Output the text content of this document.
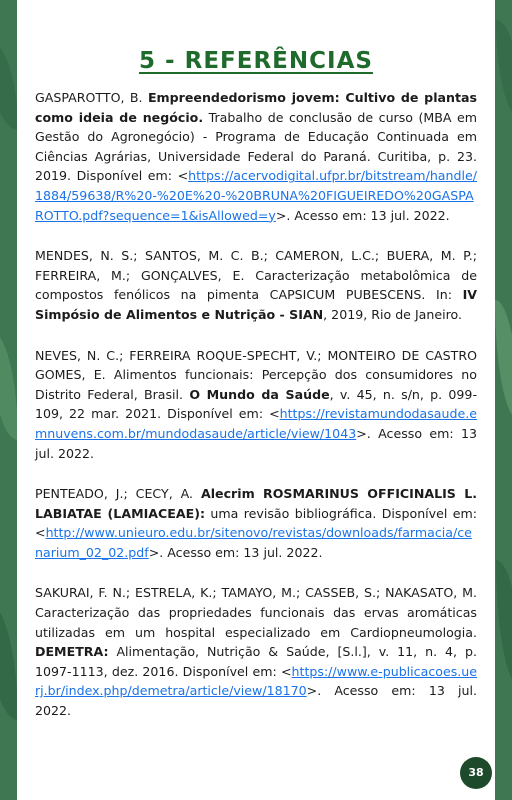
5 - REFERÊNCIAS

GASPAROTTO, B. Empreendedorismo jovem: Cultivo de plantas como ideia de negócio. Trabalho de conclusão de curso (MBA em Gestão do Agronegócio) - Programa de Educação Continuada em Ciências Agrárias, Universidade Federal do Paraná. Curitiba, p. 23. 2019. Disponível em: <https://acervodigital.ufpr.br/bitstream/handle/1884/59638/R%20-%20E%20-%20BRUNA%20FIGUEIREDO%20GASPAROTTO.pdf?sequence=1&isAllowed=y>. Acesso em: 13 jul. 2022.

MENDES, N. S.; SANTOS, M. C. B.; CAMERON, L.C.; BUERA, M. P.; FERREIRA, M.; GONÇALVES, E. Caracterização metabolômica de compostos fenólicos na pimenta CAPSICUM PUBESCENS. In: IV Simpósio de Alimentos e Nutrição - SIAN, 2019, Rio de Janeiro.

NEVES, N. C.; FERREIRA ROQUE-SPECHT, V.; MONTEIRO DE CASTRO GOMES, E. Alimentos funcionais: Percepção dos consumidores no Distrito Federal, Brasil. O Mundo da Saúde, v. 45, n. s/n, p. 099-109, 22 mar. 2021. Disponível em: <https://revistamundodasaude.emnuvens.com.br/mundodasaude/article/view/1043>. Acesso em: 13 jul. 2022.

PENTEADO, J.; CECY, A. Alecrim ROSMARINUS OFFICINALIS L. LABIATAE (LAMIACEAE): uma revisão bibliográfica. Disponível em: <http://www.unieuro.edu.br/sitenovo/revistas/downloads/farmacia/cenarium_02_02.pdf>. Acesso em: 13 jul. 2022.

SAKURAI, F. N.; ESTRELA, K.; TAMAYO, M.; CASSEB, S.; NAKASATO, M. Caracterização das propriedades funcionais das ervas aromáticas utilizadas em um hospital especializado em Cardiopneumologia. DEMETRA: Alimentação, Nutrição & Saúde, [S.l.], v. 11, n. 4, p. 1097-1113, dez. 2016. Disponível em: <https://www.e-publicacoes.uerj.br/index.php/demetra/article/view/18170>. Acesso em: 13 jul. 2022.

38
